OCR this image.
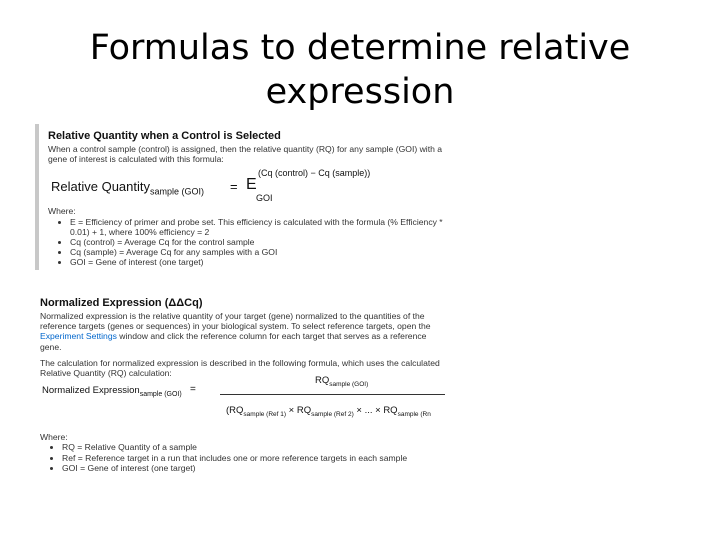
Formulas to determine relative expression
Relative Quantity when a Control is Selected
When a control sample (control) is assigned, then the relative quantity (RQ) for any sample (GOI) with a gene of interest is calculated with this formula:
Relative Quantity$_{sample (GOI)}$ = E
GOI
(Cq (control) − Cq (sample))
Where:
• E = Efficiency of primer and probe set. This efficiency is calculated with the formula (% Efficiency * 0.01) + 1, where 100% efficiency = 2
• Cq (control) = Average Cq for the control sample
• Cq (sample) = Average Cq for any samples with a GOI
• GOI = Gene of interest (one target)
Normalized Expression (ΔΔCq)
Normalized expression is the relative quantity of your target (gene) normalized to the quantities of the reference targets (genes or sequences) in your biological system. To select reference targets, open the Experiment Settings window and click the reference column for each target that serves as a reference gene.
The calculation for normalized expression is described in the following formula, which uses the calculated Relative Quantity (RQ) calculation:
Normalized Expression$_{sample (GOI)}$ =
$RQ_{sample (GOI)}$
($RQ_{sample (Ref 1)} \times RQ_{sample (Ref 2)}$ × ... × $RQ_{sample (Rn}$
Where:
• RQ = Relative Quantity of a sample
• Ref = Reference target in a run that includes one or more reference targets in each sample
• GOI = Gene of interest (one target)
